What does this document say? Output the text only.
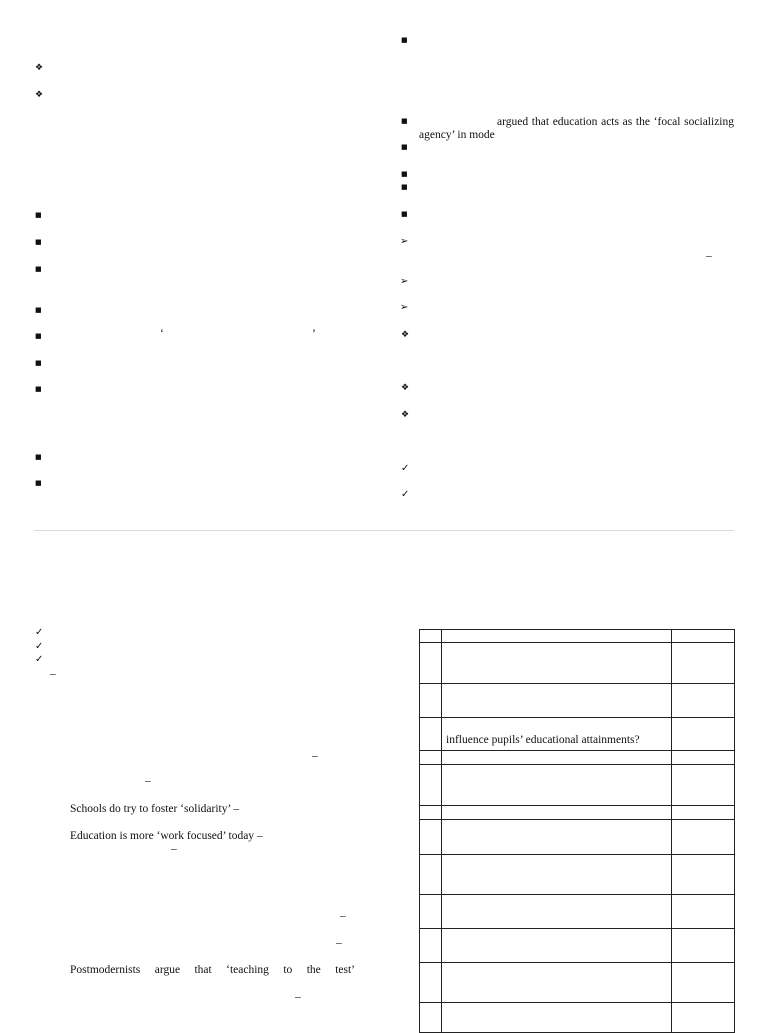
❖
❖
■
■
■
■
■	‘	’
■
■
■
■
■
■	argued that education acts as the ‘focal socializing
agency’ in mode
■
■
■
■
➢
–
➢
➢
❖
❖
❖
✓
✓
✓
✓
✓
–
–
–
Schools do try to foster ‘solidarity’ –
Education is more ‘work focused’ today –
–
–
–
Postmodernists argue that ‘teaching to the test’
–

	influence pupils’ educational attainments?	
